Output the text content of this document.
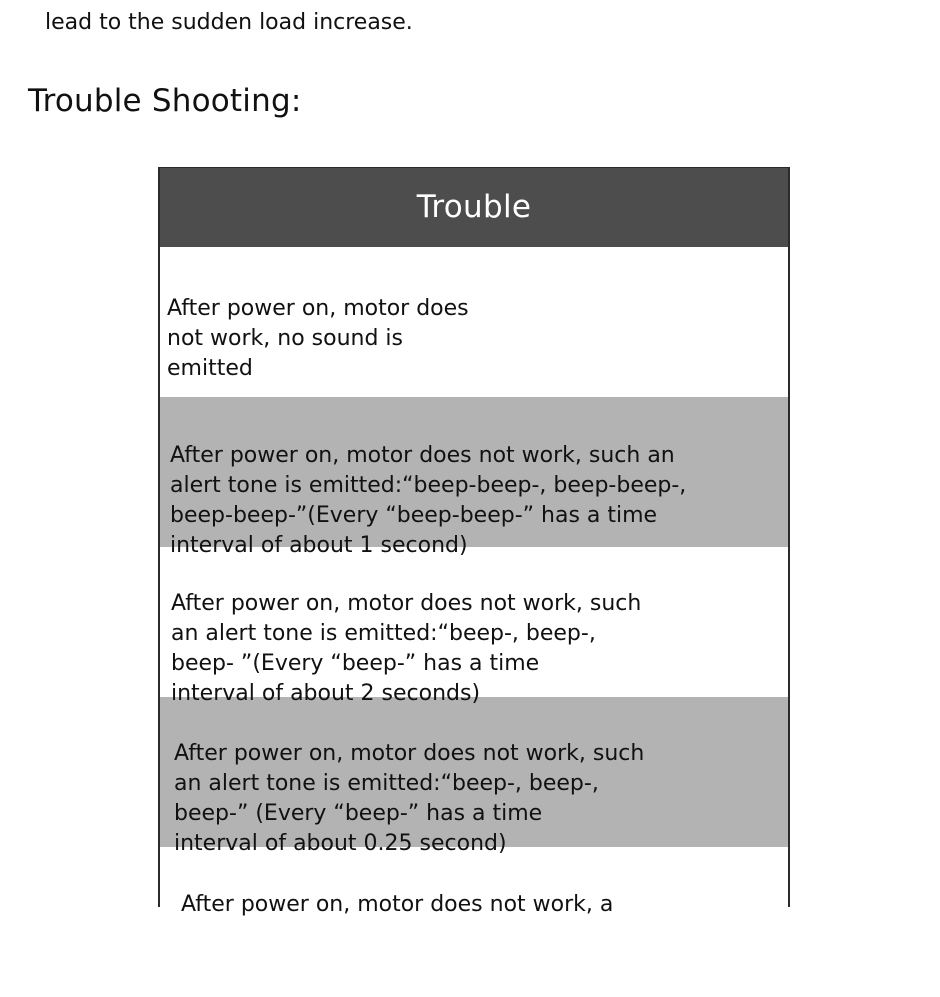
lead to the sudden load increase.
Trouble Shooting:
Trouble

After power on, motor does
not work, no sound is
emitted

After power on, motor does not work, such an
alert tone is emitted:“beep-beep-, beep-beep-,
beep-beep-”(Every “beep-beep-” has a time
interval of about 1 second)

After power on, motor does not work, such
an alert tone is emitted:“beep-, beep-,
beep- ”(Every “beep-” has a time
interval of about 2 seconds)

After power on, motor does not work, such
an alert tone is emitted:“beep-, beep-,
beep-” (Every “beep-” has a time
interval of about 0.25 second)

After power on, motor does not work, a
